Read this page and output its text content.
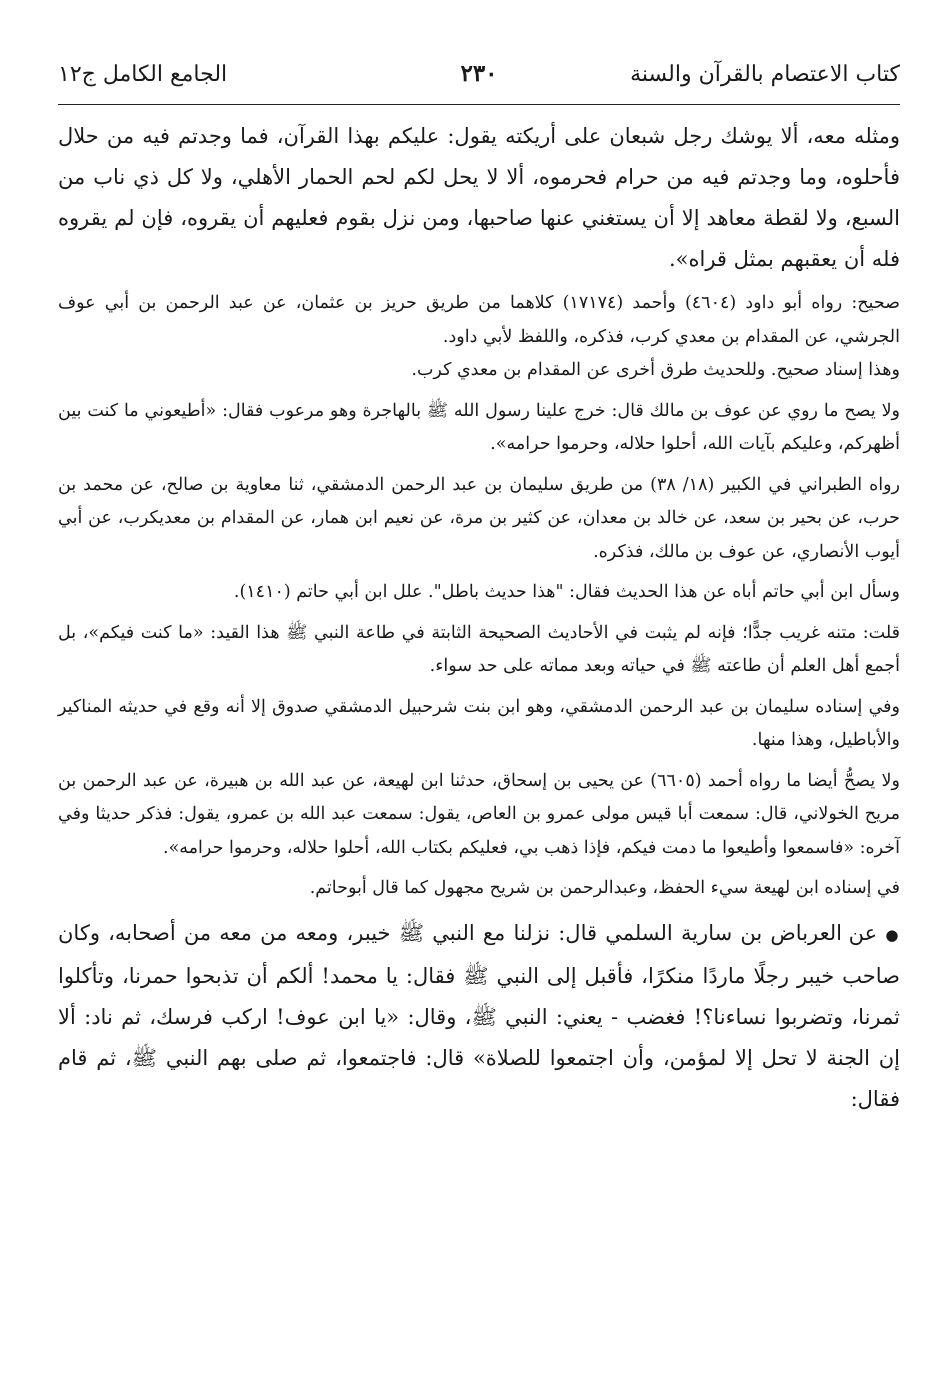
كتاب الاعتصام بالقرآن والسنة
٢٣٠
الجامع الكامل ج١٢

ومثله معه، ألا يوشك رجل شبعان على أريكته يقول: عليكم بهذا القرآن، فما وجدتم فيه من حلال فأحلوه، وما وجدتم فيه من حرام فحرموه، ألا لا يحل لكم لحم الحمار الأهلي، ولا كل ذي ناب من السبع، ولا لقطة معاهد إلا أن يستغني عنها صاحبها، ومن نزل بقوم فعليهم أن يقروه، فإن لم يقروه فله أن يعقبهم بمثل قراه».

صحيح: رواه أبو داود (٤٦٠٤) وأحمد (١٧١٧٤) كلاهما من طريق حريز بن عثمان، عن عبد الرحمن بن أبي عوف الجرشي، عن المقدام بن معدي كرب، فذكره، واللفظ لأبي داود.

وهذا إسناد صحيح. وللحديث طرق أخرى عن المقدام بن معدي كرب.

ولا يصح ما روي عن عوف بن مالك قال: خرج علينا رسول الله ﷺ بالهاجرة وهو مرعوب فقال: «أطيعوني ما كنت بين أظهركم، وعليكم بآيات الله، أحلوا حلاله، وحرموا حرامه».

رواه الطبراني في الكبير (١٨/ ٣٨) من طريق سليمان بن عبد الرحمن الدمشقي، ثنا معاوية بن صالح، عن محمد بن حرب، عن بحير بن سعد، عن خالد بن معدان، عن كثير بن مرة، عن نعيم ابن همار، عن المقدام بن معديكرب، عن أبي أيوب الأنصاري، عن عوف بن مالك، فذكره.

وسأل ابن أبي حاتم أباه عن هذا الحديث فقال: "هذا حديث باطل". علل ابن أبي حاتم (١٤١٠).

قلت: متنه غريب جدًّا؛ فإنه لم يثبت في الأحاديث الصحيحة الثابتة في طاعة النبي ﷺ هذا القيد: «ما كنت فيكم»، بل أجمع أهل العلم أن طاعته ﷺ في حياته وبعد مماته على حد سواء.

وفي إسناده سليمان بن عبد الرحمن الدمشقي، وهو ابن بنت شرحبيل الدمشقي صدوق إلا أنه وقع في حديثه المناكير والأباطيل، وهذا منها.

ولا يصحُّ أيضا ما رواه أحمد (٦٦٠٥) عن يحيى بن إسحاق، حدثنا ابن لهيعة، عن عبد الله بن هبيرة، عن عبد الرحمن بن مريح الخولاني، قال: سمعت أبا قيس مولى عمرو بن العاص، يقول: سمعت عبد الله بن عمرو، يقول: فذكر حديثا وفي آخره: «فاسمعوا وأطيعوا ما دمت فيكم، فإذا ذهب بي، فعليكم بكتاب الله، أحلوا حلاله، وحرموا حرامه».

في إسناده ابن لهيعة سيء الحفظ، وعبدالرحمن بن شريح مجهول كما قال أبوحاتم.

● عن العرباض بن سارية السلمي قال: نزلنا مع النبي ﷺ خيبر، ومعه من معه من أصحابه، وكان صاحب خيبر رجلًا ماردًا منكرًا، فأقبل إلى النبي ﷺ فقال: يا محمد! ألكم أن تذبحوا حمرنا، وتأكلوا ثمرنا، وتضربوا نساءنا؟! فغضب - يعني: النبي ﷺ، وقال: «يا ابن عوف! اركب فرسك، ثم ناد: ألا إن الجنة لا تحل إلا لمؤمن، وأن اجتمعوا للصلاة» قال: فاجتمعوا، ثم صلى بهم النبي ﷺ، ثم قام فقال:
